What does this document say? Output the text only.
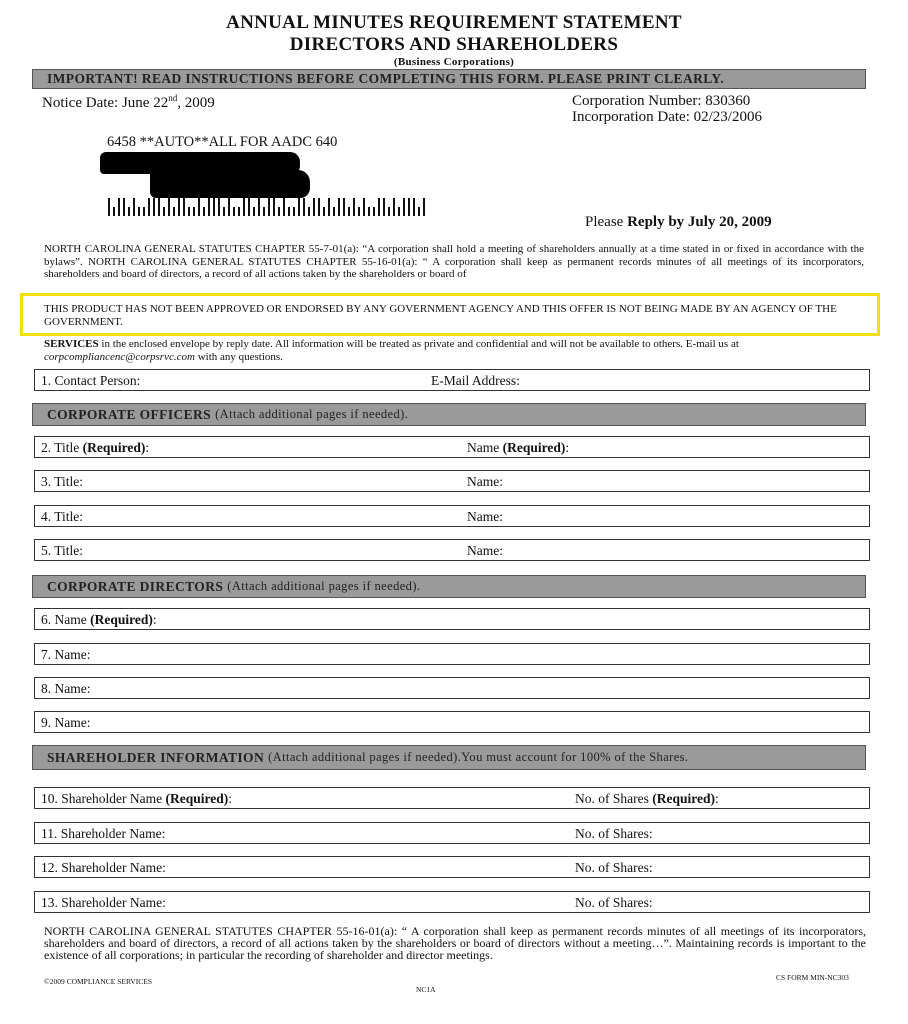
ANNUAL MINUTES REQUIREMENT STATEMENT
DIRECTORS AND SHAREHOLDERS
(Business Corporations)
IMPORTANT! READ INSTRUCTIONS BEFORE COMPLETING THIS FORM. PLEASE PRINT CLEARLY.
Notice Date: June 22nd, 2009	Corporation Number: 830360
Incorporation Date: 02/23/2006
6458 **AUTO**ALL FOR AADC 640
Please Reply by July 20, 2009
NORTH CAROLINA GENERAL STATUTES CHAPTER 55-7-01(a): “A corporation shall hold a meeting of shareholders annually at a time stated in or fixed in accordance with the bylaws”. NORTH CAROLINA GENERAL STATUTES CHAPTER 55-16-01(a): “ A corporation shall keep as permanent records minutes of all meetings of its incorporators, shareholders and board of directors, a record of all actions taken by the shareholders or board of
THIS PRODUCT HAS NOT BEEN APPROVED OR ENDORSED BY ANY GOVERNMENT AGENCY AND THIS OFFER IS NOT BEING MADE BY AN AGENCY OF THE GOVERNMENT.
SERVICES in the enclosed envelope by reply date. All information will be treated as private and confidential and will not be available to others. E-mail us at corpcompliancenc@corpsrvc.com with any questions.
1. Contact Person:	E-Mail Address:
CORPORATE OFFICERS (Attach additional pages if needed).
2. Title (Required):	Name (Required):
3. Title:	Name:
4. Title:	Name:
5. Title:	Name:
CORPORATE DIRECTORS (Attach additional pages if needed).
6. Name (Required):
7. Name:
8. Name:
9. Name:
SHAREHOLDER INFORMATION (Attach additional pages if needed).You must account for 100% of the Shares.
10. Shareholder Name (Required):	No. of Shares (Required):
11. Shareholder Name:	No. of Shares:
12. Shareholder Name:	No. of Shares:
13. Shareholder Name:	No. of Shares:
NORTH CAROLINA GENERAL STATUTES CHAPTER 55-16-01(a): “ A corporation shall keep as permanent records minutes of all meetings of its incorporators, shareholders and board of directors, a record of all actions taken by the shareholders or board of directors without a meeting…”. Maintaining records is important to the existence of all corporations; in particular the recording of shareholder and director meetings.
©2009 COMPLIANCE SERVICES	CS FORM MIN-NC303
NC1A
